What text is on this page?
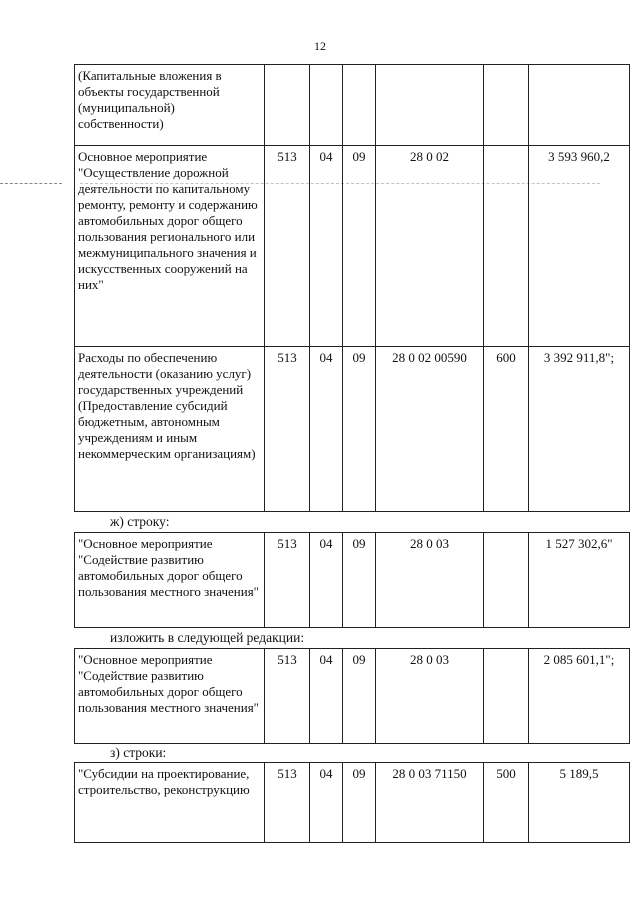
12
(Капитальные вложения в объекты государственной (муниципальной) собственности)						
Основное мероприятие "Осуществление дорожной деятельности по капитальному ремонту, ремонту и содержанию автомобильных дорог общего пользования регионального или межмуниципального значения и искусственных сооружений на них"	513	04	09	28 0 02		3 593 960,2
Расходы по обеспечению деятельности (оказанию услуг) государственных учреждений (Предоставление субсидий бюджетным, автономным учреждениям и иным некоммерческим организациям)	513	04	09	28 0 02 00590	600	3 392 911,8";
ж) строку:
"Основное мероприятие "Содействие развитию автомобильных дорог общего пользования местного значения"	513	04	09	28 0 03		1 527 302,6"
изложить в следующей редакции:
"Основное мероприятие "Содействие развитию автомобильных дорог общего пользования местного значения"	513	04	09	28 0 03		2 085 601,1";
з) строки:
"Субсидии на проектирование, строительство, реконструкцию	513	04	09	28 0 03 71150	500	5 189,5
